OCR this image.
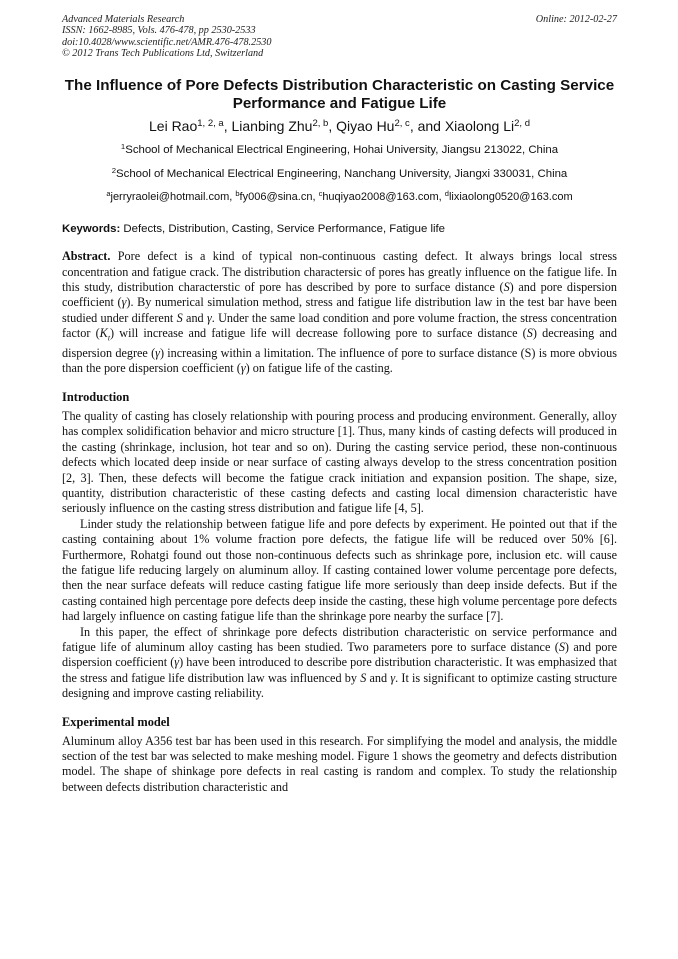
Advanced Materials Research
ISSN: 1662-8985, Vols. 476-478, pp 2530-2533
doi:10.4028/www.scientific.net/AMR.476-478.2530
© 2012 Trans Tech Publications Ltd, Switzerland
Online: 2012-02-27
The Influence of Pore Defects Distribution Characteristic on Casting Service Performance and Fatigue Life
Lei Rao$^{1, 2, a}$, Lianbing Zhu$^{2, b}$, Qiyao Hu$^{2, c}$, and Xiaolong Li$^{2, d}$
$^1$School of Mechanical Electrical Engineering, Hohai University, Jiangsu 213022, China
$^2$School of Mechanical Electrical Engineering, Nanchang University, Jiangxi 330031, China
$^a$jerryraolei@hotmail.com, $^b$fy006@sina.cn, $^c$huqiyao2008@163.com, $^d$lixiaolong0520@163.com
Keywords: Defects, Distribution, Casting, Service Performance, Fatigue life

Abstract. Pore defect is a kind of typical non-continuous casting defect. It always brings local stress concentration and fatigue crack. The distribution charactersic of pores has greatly influence on the fatigue life. In this study, distribution characterstic of pore has described by pore to surface distance (S) and pore dispersion coefficient (γ). By numerical simulation method, stress and fatigue life distribution law in the test bar have been studied under different S and γ. Under the same load condition and pore volume fraction, the stress concentration factor $(K_t)$ will increase and fatigue life will decrease following pore to surface distance (S) decreasing and dispersion degree (γ) increasing within a limitation. The influence of pore to surface distance (S) is more obvious than the pore dispersion coefficient (γ) on fatigue life of the casting.

Introduction

The quality of casting has closely relationship with pouring process and producing environment. Generally, alloy has complex solidification behavior and micro structure [1]. Thus, many kinds of casting defects will produced in the casting (shrinkage, inclusion, hot tear and so on). During the casting service period, these non-continuous defects which located deep inside or near surface of casting always develop to the stress concentration position [2, 3]. Then, these defects will become the fatigue crack initiation and expansion position. The shape, size, quantity, distribution characteristic of these casting defects and casting local dimension characteristic have seriously influence on the casting stress distribution and fatigue life [4, 5].

Linder study the relationship between fatigue life and pore defects by experiment. He pointed out that if the casting containing about 1% volume fraction pore defects, the fatigue life will be reduced over 50% [6]. Furthermore, Rohatgi found out those non-continuous defects such as shrinkage pore, inclusion etc. will cause the fatigue life reducing largely on aluminum alloy. If casting contained lower volume percentage pore defects, then the near surface defeats will reduce casting fatigue life more seriously than deep inside defects. But if the casting contained high percentage pore defects deep inside the casting, these high volume percentage pore defects had largely influence on casting fatigue life than the shrinkage pore nearby the surface [7].

In this paper, the effect of shrinkage pore defects distribution characteristic on service performance and fatigue life of aluminum alloy casting has been studied. Two parameters pore to surface distance (S) and pore dispersion coefficient (γ) have been introduced to describe pore distribution characteristic. It was emphasized that the stress and fatigue life distribution law was influenced by S and γ. It is significant to optimize casting structure designing and improve casting reliability.

Experimental model

Aluminum alloy A356 test bar has been used in this research. For simplifying the model and analysis, the middle section of the test bar was selected to make meshing model. Figure 1 shows the geometry and defects distribution model. The shape of shinkage pore defects in real casting is random and complex. To study the relationship between defects distribution characteristic and
